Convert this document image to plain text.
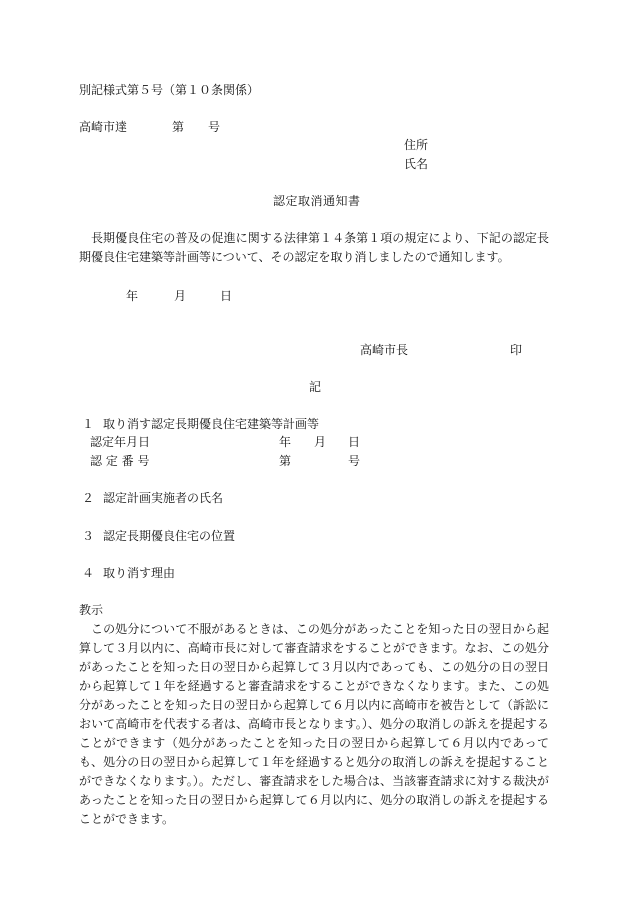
別記様式第５号（第１０条関係）
高崎市達	第 号
住所
氏名
認定取消通知書
長期優良住宅の普及の促進に関する法律第１４条第１項の規定により、下記の認定長期優良住宅建築等計画等について、その認定を取り消しましたので通知します。
年	月	日
高崎市長	印
記
１ 取り消す認定長期優良住宅建築等計画等
認定年月日	年 月 日
認 定 番 号	第	号
２ 認定計画実施者の氏名
３ 認定長期優良住宅の位置
４ 取り消す理由
教示
この処分について不服があるときは、この処分があったことを知った日の翌日から起算して３月以内に、高崎市長に対して審査請求をすることができます。なお、この処分があったことを知った日の翌日から起算して３月以内であっても、この処分の日の翌日から起算して１年を経過すると審査請求をすることができなくなります。また、この処分があったことを知った日の翌日から起算して６月以内に高崎市を被告として（訴訟において高崎市を代表する者は、高崎市長となります。）、処分の取消しの訴えを提起することができます（処分があったことを知った日の翌日から起算して６月以内であっても、処分の日の翌日から起算して１年を経過すると処分の取消しの訴えを提起することができなくなります。）。ただし、審査請求をした場合は、当該審査請求に対する裁決があったことを知った日の翌日から起算して６月以内に、処分の取消しの訴えを提起することができます。
